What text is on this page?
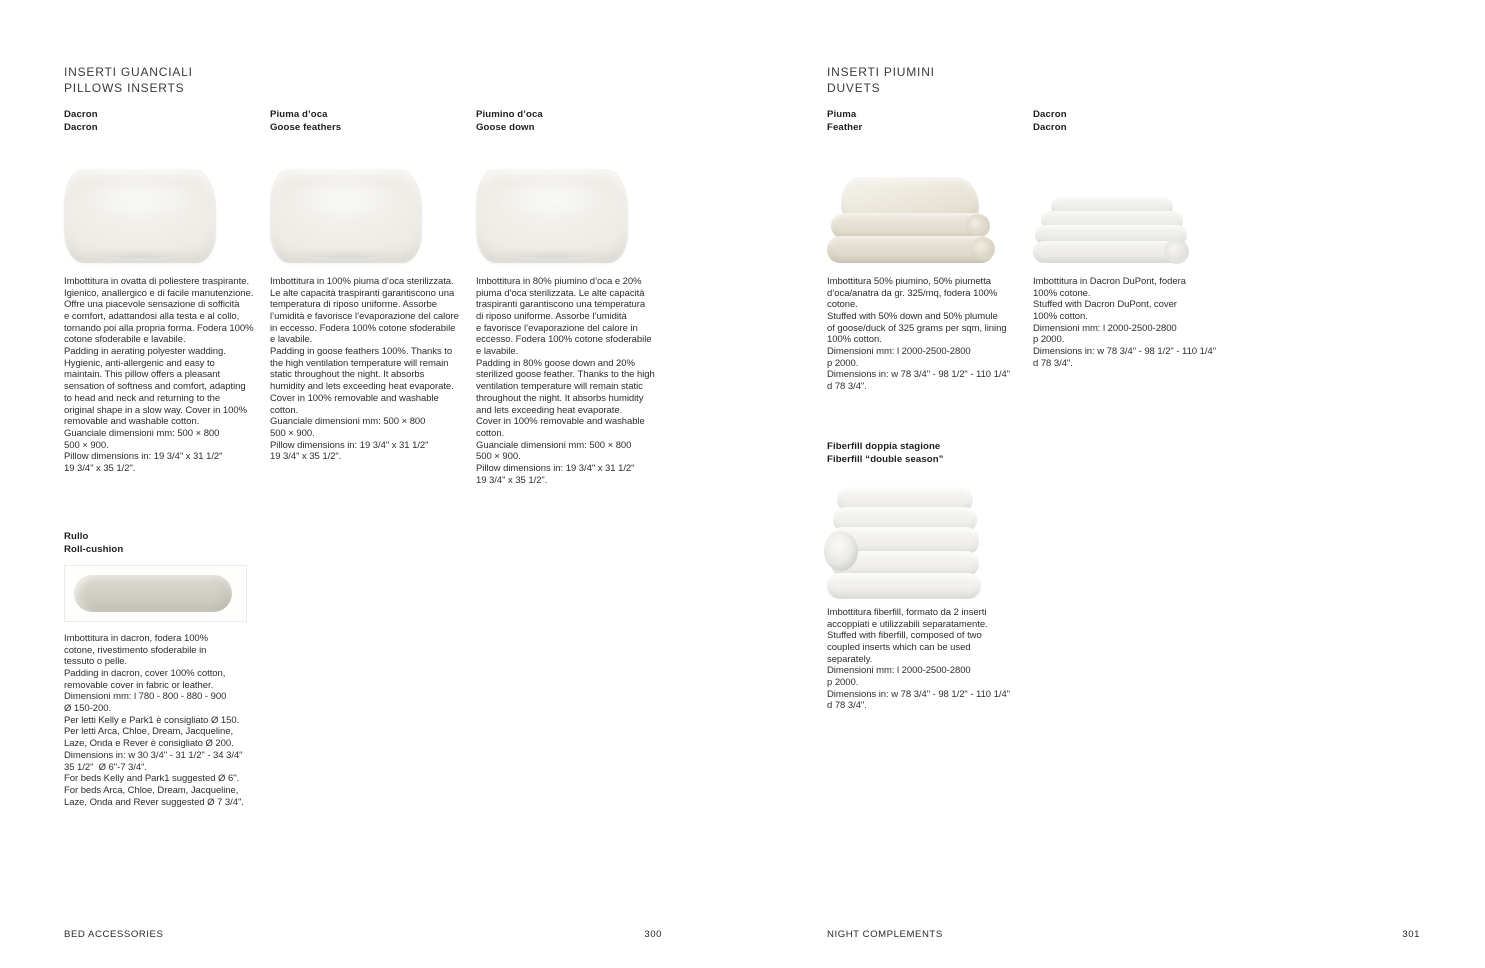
INSERTI GUANCIALI
PILLOWS INSERTS
Dacron
Dacron
Imbottitura in ovatta di poliestere traspirante.
Igienico, anallergico e di facile manutenzione.
Offre una piacevole sensazione di sofficità
e comfort, adattandosi alla testa e al collo,
tornando poi alla propria forma. Fodera 100%
cotone sfoderabile e lavabile.
Padding in aerating polyester wadding.
Hygienic, anti-allergenic and easy to
maintain. This pillow offers a pleasant
sensation of softness and comfort, adapting
to head and neck and returning to the
original shape in a slow way. Cover in 100%
removable and washable cotton.
Guanciale dimensioni mm: 500 × 800
500 × 900.
Pillow dimensions in: 19 3/4" x 31 1/2"
19 3/4" x 35 1/2".
Piuma d’oca
Goose feathers
Imbottitura in 100% piuma d’oca sterilizzata.
Le alte capacità traspiranti garantiscono una
temperatura di riposo uniforme. Assorbe
l’umidità e favorisce l’evaporazione del calore
in eccesso. Fodera 100% cotone sfoderabile
e lavabile.
Padding in goose feathers 100%. Thanks to
the high ventilation temperature will remain
static throughout the night. It absorbs
humidity and lets exceeding heat evaporate.
Cover in 100% removable and washable
cotton.
Guanciale dimensioni mm: 500 × 800
500 × 900.
Pillow dimensions in: 19 3/4" x 31 1/2"
19 3/4" x 35 1/2".
Piumino d’oca
Goose down
Imbottitura in 80% piumino d’oca e 20%
piuma d’oca sterilizzata. Le alte capacità
traspiranti garantiscono una temperatura
di riposo uniforme. Assorbe l’umidità
e favorisce l’evaporazione del calore in
eccesso. Fodera 100% cotone sfoderabile
e lavabile.
Padding in 80% goose down and 20%
sterilized goose feather. Thanks to the high
ventilation temperature will remain static
throughout the night. It absorbs humidity
and lets exceeding heat evaporate.
Cover in 100% removable and washable
cotton.
Guanciale dimensioni mm: 500 × 800
500 × 900.
Pillow dimensions in: 19 3/4" x 31 1/2"
19 3/4" x 35 1/2".
Rullo
Roll-cushion
Imbottitura in dacron, fodera 100%
cotone, rivestimento sfoderabile in
tessuto o pelle.
Padding in dacron, cover 100% cotton,
removable cover in fabric or leather.
Dimensioni mm: l 780 - 800 - 880 - 900
Ø 150-200.
Per letti Kelly e Park1 è consigliato Ø 150.
Per letti Arca, Chloe, Dream, Jacqueline,
Laze, Onda e Rever è consigliato Ø 200.
Dimensions in: w 30 3/4" - 31 1/2" - 34 3/4"
35 1/2"  Ø 6"-7 3/4".
For beds Kelly and Park1 suggested Ø 6".
For beds Arca, Chloe, Dream, Jacqueline,
Laze, Onda and Rever suggested Ø 7 3/4".
BED ACCESSORIES	300
INSERTI PIUMINI
DUVETS
Piuma
Feather
Imbottitura 50% piumino, 50% piumetta
d’oca/anatra da gr. 325/mq, fodera 100%
cotone.
Stuffed with 50% down and 50% plumule
of goose/duck of 325 grams per sqm, lining
100% cotton.
Dimensioni mm: l 2000-2500-2800
p 2000.
Dimensions in: w 78 3/4" - 98 1/2" - 110 1/4"
d 78 3/4".
Dacron
Dacron
Imbottitura in Dacron DuPont, fodera
100% cotone.
Stuffed with Dacron DuPont, cover
100% cotton.
Dimensioni mm: l 2000-2500-2800
p 2000.
Dimensions in: w 78 3/4" - 98 1/2" - 110 1/4"
d 78 3/4".
Fiberfill doppia stagione
Fiberfill “double season”
Imbottitura fiberfill, formato da 2 inserti
accoppiati e utilizzabili separatamente.
Stuffed with fiberfill, composed of two
coupled inserts which can be used
separately.
Dimensioni mm: l 2000-2500-2800
p 2000.
Dimensions in: w 78 3/4" - 98 1/2" - 110 1/4"
d 78 3/4".
NIGHT COMPLEMENTS	301
